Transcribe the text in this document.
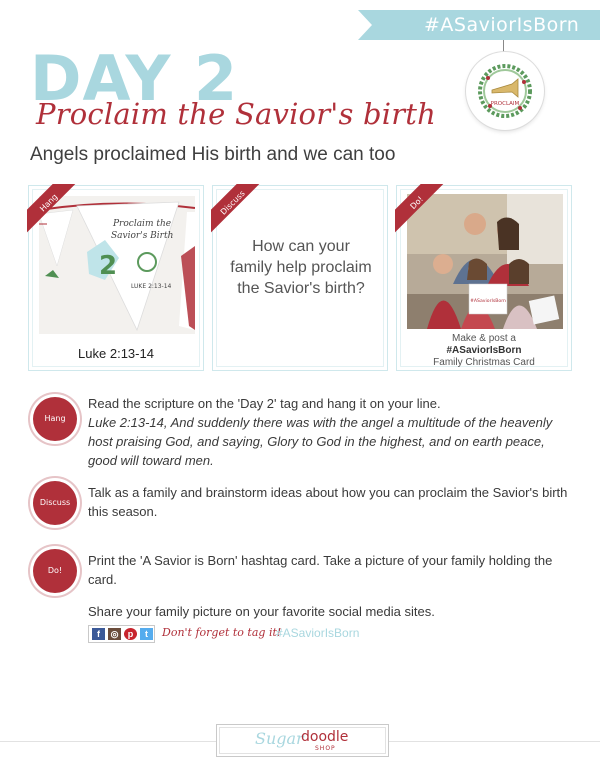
#ASaviorIsBorn
PROCLAIM
DAY 2
Proclaim the Savior's birth
Angels proclaimed His birth and we can too
Hang
2
Proclaim the
Savior's Birth
LUKE 2:13-14
Luke 2:13-14
Discuss
How can your family help proclaim the Savior's birth?
Do!
#ASaviorIsBorn
Make & post a
#ASaviorIsBorn
Family Christmas Card
Hang
Read the scripture on the 'Day 2' tag and hang it on your line.
Luke 2:13-14, And suddenly there was with the angel a multitude of the heavenly host praising God, and saying, Glory to God in the highest, and on earth peace, good will toward men.
Discuss
Talk as a family and brainstorm ideas about how you can proclaim the Savior's birth this season.
Do!
Print the 'A Savior is Born' hashtag card. Take a picture of your family holding the card.
Share your family picture on your favorite social media sites.
f	◎	p	t	Don't forget to tag it!
#ASaviorIsBorn
Sugar
doodle
SHOP
